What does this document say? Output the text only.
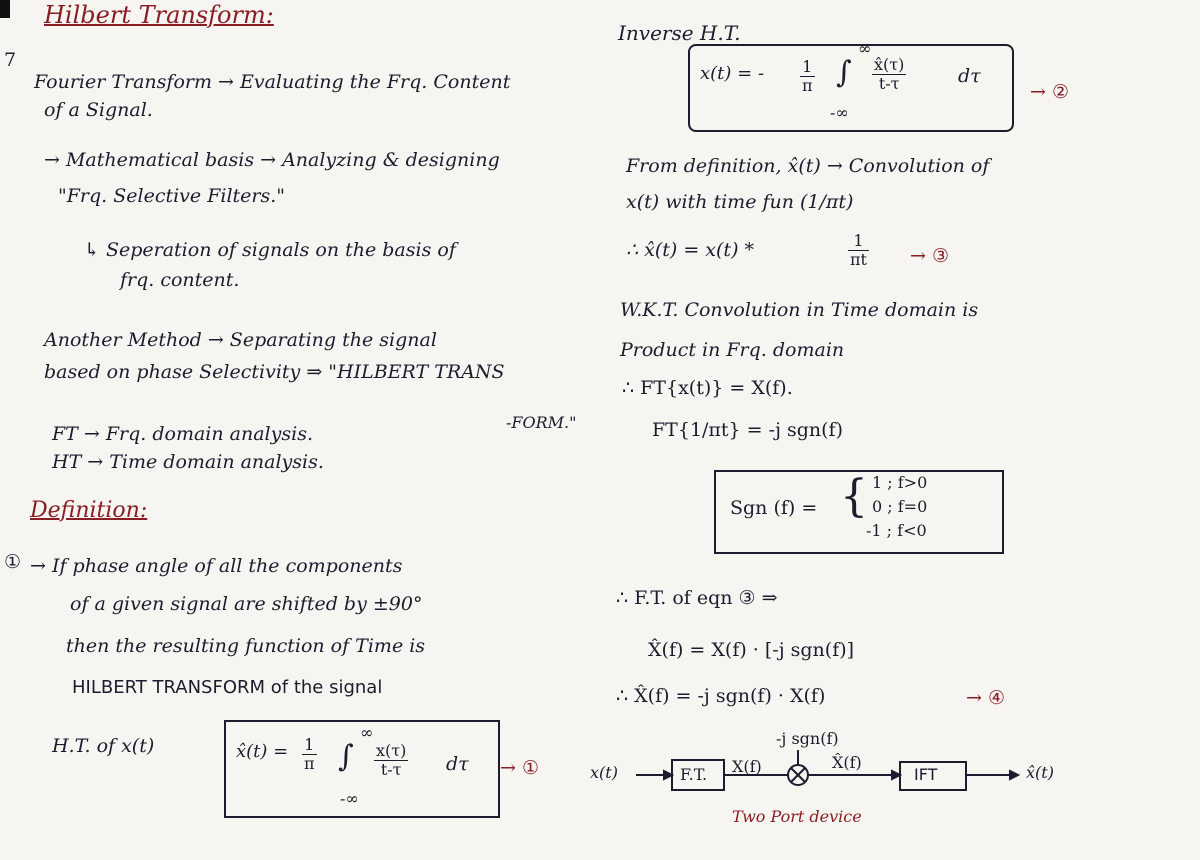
Hilbert Transform:
Inverse H.T.
7
Fourier Transform → Evaluating the Frq. Content
of a Signal.
→ Mathematical basis → Analyzing & designing
"Frq. Selective Filters."
↳ Seperation of signals on the basis of
frq. content.
Another Method → Separating the signal
based on phase Selectivity ⇒ "HILBERT TRANS
-FORM."
FT → Frq. domain analysis.
HT → Time domain analysis.
Definition:
① → If phase angle of all the components
of a given signal are shifted by ±90°
then the resulting function of Time is
HILBERT TRANSFORM of the signal
H.T. of x(t)	x̂(t) = $\frac{1}{\pi}$
∞
∫
-∞
$\frac{x(\tau)}{t-\tau}$ dτ → ①
x(t) = - $\frac{1}{\pi}$
∞
∫
-∞
$\frac{x̂(\tau)}{t-\tau}$	dτ
→ ②
From definition, x̂(t) → Convolution of
x(t) with time fun (1/πt)
∴ x̂(t) = x(t) *	$\frac{1}{\pi t}$ → ③
W.K.T. Convolution in Time domain is
Product in Frq. domain
∴ FT{x(t)} = X(f).
FT{1/πt} = -j sgn(f)
Sgn (f) = { 1 ; f>0
0 ; f=0
-1 ; f<0
∴ F.T. of eqn ③ ⇒
X̂(f) = X(f) · [-j sgn(f)]
∴ X̂(f) = -j sgn(f) · X(f)	→ ④
x(t)	F.T. X(f)
-j sgn(f)
X̂(f)
IFT	x̂(t)
Two Port device
